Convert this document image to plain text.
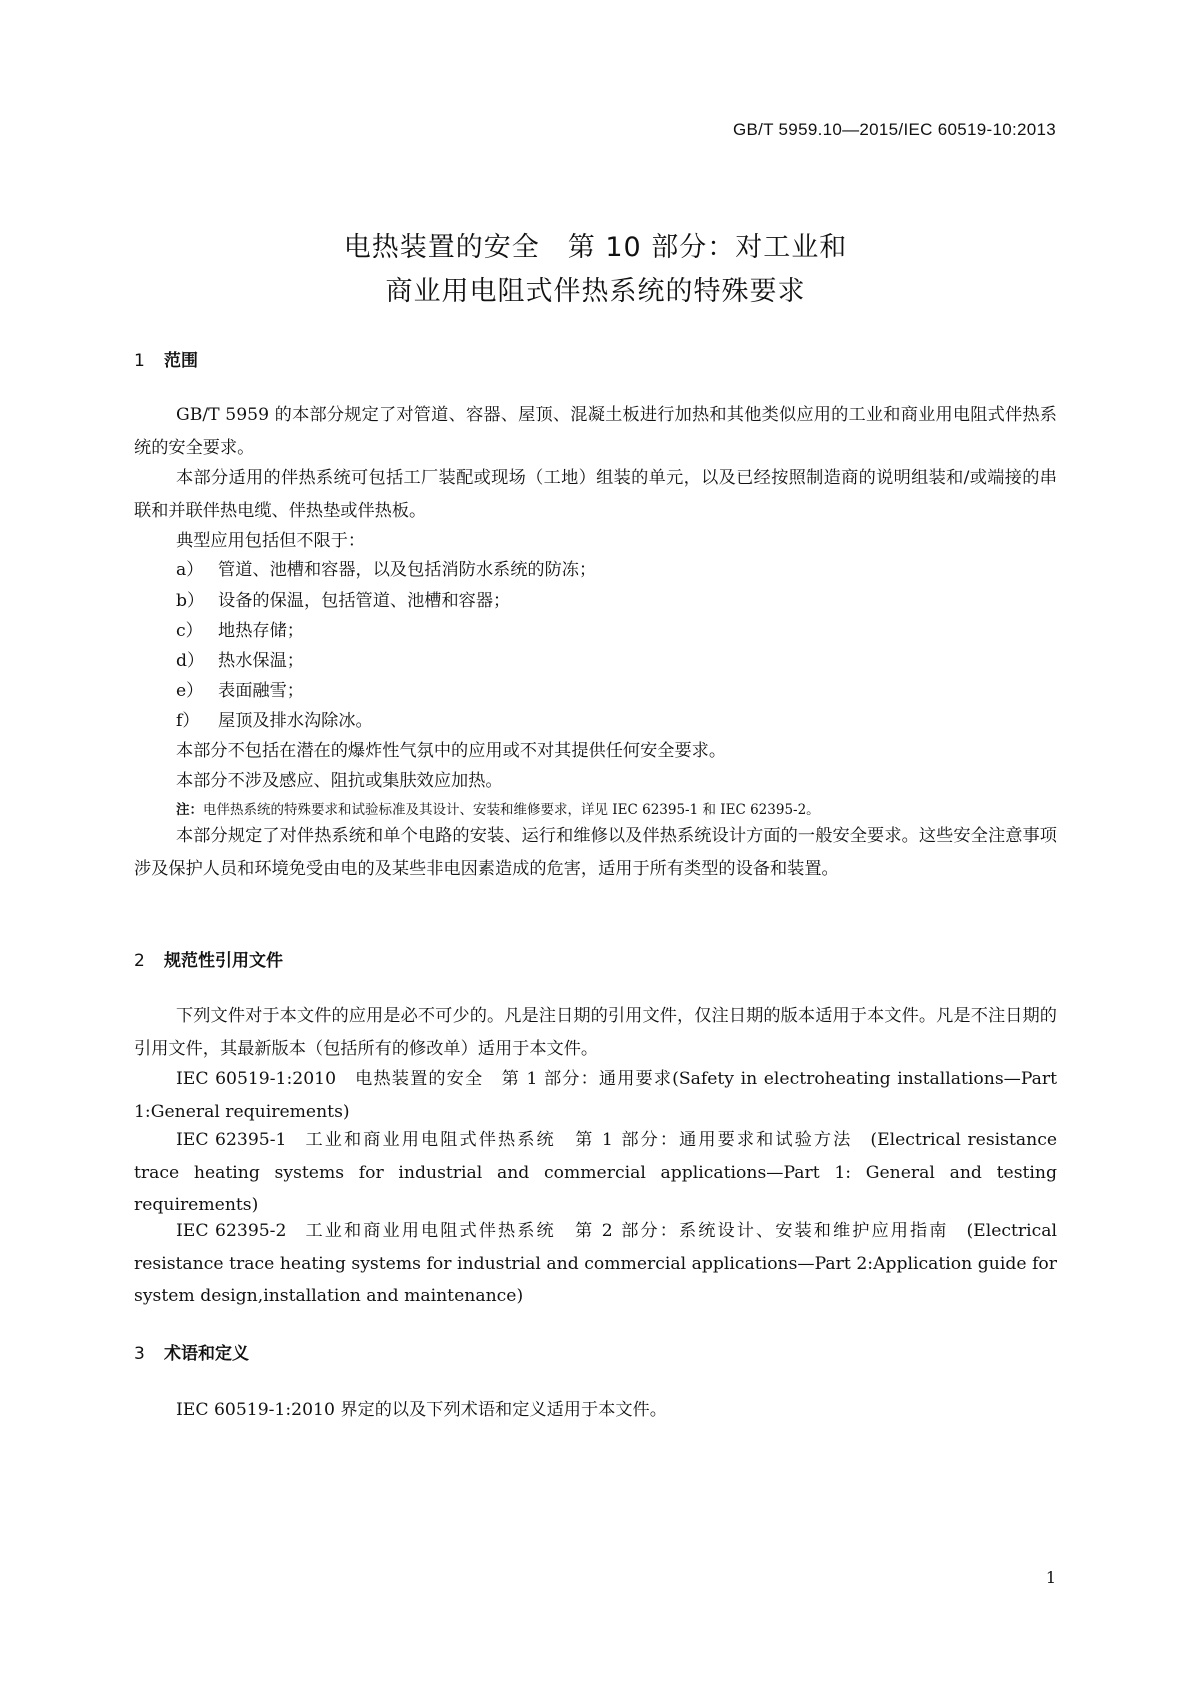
GB/T 5959.10—2015/IEC 60519-10:2013
电热装置的安全　第 10 部分：对工业和
商业用电阻式伴热系统的特殊要求
1 范围

GB/T 5959 的本部分规定了对管道、容器、屋顶、混凝土板进行加热和其他类似应用的工业和商业用电阻式伴热系统的安全要求。

本部分适用的伴热系统可包括工厂装配或现场（工地）组装的单元，以及已经按照制造商的说明组装和/或端接的串联和并联伴热电缆、伴热垫或伴热板。

典型应用包括但不限于：

a） 管道、池槽和容器，以及包括消防水系统的防冻；

b） 设备的保温，包括管道、池槽和容器；

c） 地热存储；

d） 热水保温；

e） 表面融雪；

f） 屋顶及排水沟除冰。

本部分不包括在潜在的爆炸性气氛中的应用或不对其提供任何安全要求。

本部分不涉及感应、阻抗或集肤效应加热。

注：电伴热系统的特殊要求和试验标准及其设计、安装和维修要求，详见 IEC 62395-1 和 IEC 62395-2。

本部分规定了对伴热系统和单个电路的安装、运行和维修以及伴热系统设计方面的一般安全要求。这些安全注意事项涉及保护人员和环境免受由电的及某些非电因素造成的危害，适用于所有类型的设备和装置。

2 规范性引用文件

下列文件对于本文件的应用是必不可少的。凡是注日期的引用文件，仅注日期的版本适用于本文件。凡是不注日期的引用文件，其最新版本（包括所有的修改单）适用于本文件。

IEC 60519-1:2010 电热装置的安全　第 1 部分：通用要求(Safety in electroheating installations—Part 1:General requirements)

IEC 62395-1 工业和商业用电阻式伴热系统　第 1 部分：通用要求和试验方法 (Electrical resistance trace heating systems for industrial and commercial applications—Part 1: General and testing requirements)

IEC 62395-2 工业和商业用电阻式伴热系统　第 2 部分：系统设计、安装和维护应用指南 (Electrical resistance trace heating systems for industrial and commercial applications—Part 2:Application guide for system design,installation and maintenance)

3 术语和定义

IEC 60519-1:2010 界定的以及下列术语和定义适用于本文件。

1
